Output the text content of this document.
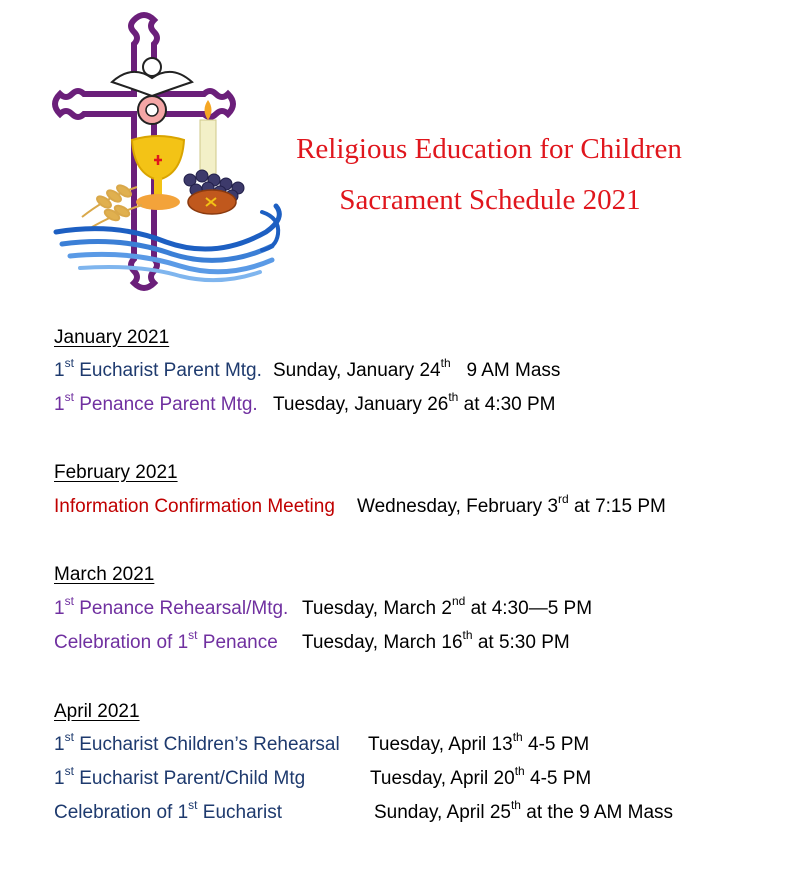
Religious Education for Children
Sacrament Schedule 2021
January 2021
1st Eucharist Parent Mtg. Sunday, January 24th   9 AM Mass
1st Penance Parent Mtg. Tuesday, January 26th at 4:30 PM
February 2021
Information Confirmation Meeting Wednesday, February 3rd at 7:15 PM
March 2021
1st Penance Rehearsal/Mtg. Tuesday, March 2nd at 4:30—5 PM
Celebration of 1st Penance Tuesday, March 16th at 5:30 PM
April 2021
1st Eucharist Children’s Rehearsal Tuesday, April 13th 4-5 PM
1st Eucharist Parent/Child Mtg	Tuesday, April 20th 4-5 PM
Celebration of 1st Eucharist	Sunday, April 25th at the 9 AM Mass
